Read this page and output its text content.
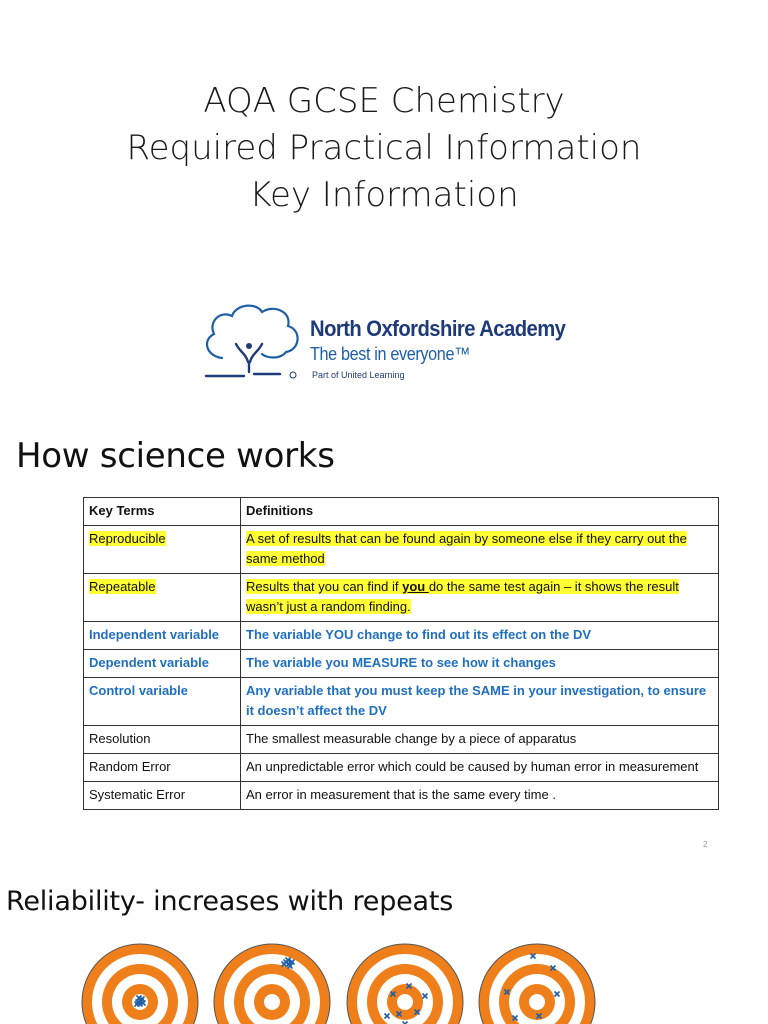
AQA GCSE Chemistry
Required Practical Information
Key Information
North Oxfordshire Academy
The best in everyone™
Part of United Learning
How science works
Key Terms	Definitions
Reproducible	A set of results that can be found again by someone else if they carry out the same method
Repeatable	Results that you can find if you do the same test again – it shows the result wasn’t just a random finding.
Independent variable	The variable YOU change to find out its effect on the DV
Dependent variable	The variable you MEASURE to see how it changes
Control variable	Any variable that you must keep the SAME in your investigation, to ensure it doesn’t affect the DV
Resolution	The smallest measurable change by a piece of apparatus
Random Error	An unpredictable error which could be caused by human error in measurement
Systematic Error	An error in measurement that is the same every time .
2
Reliability- increases with repeats
